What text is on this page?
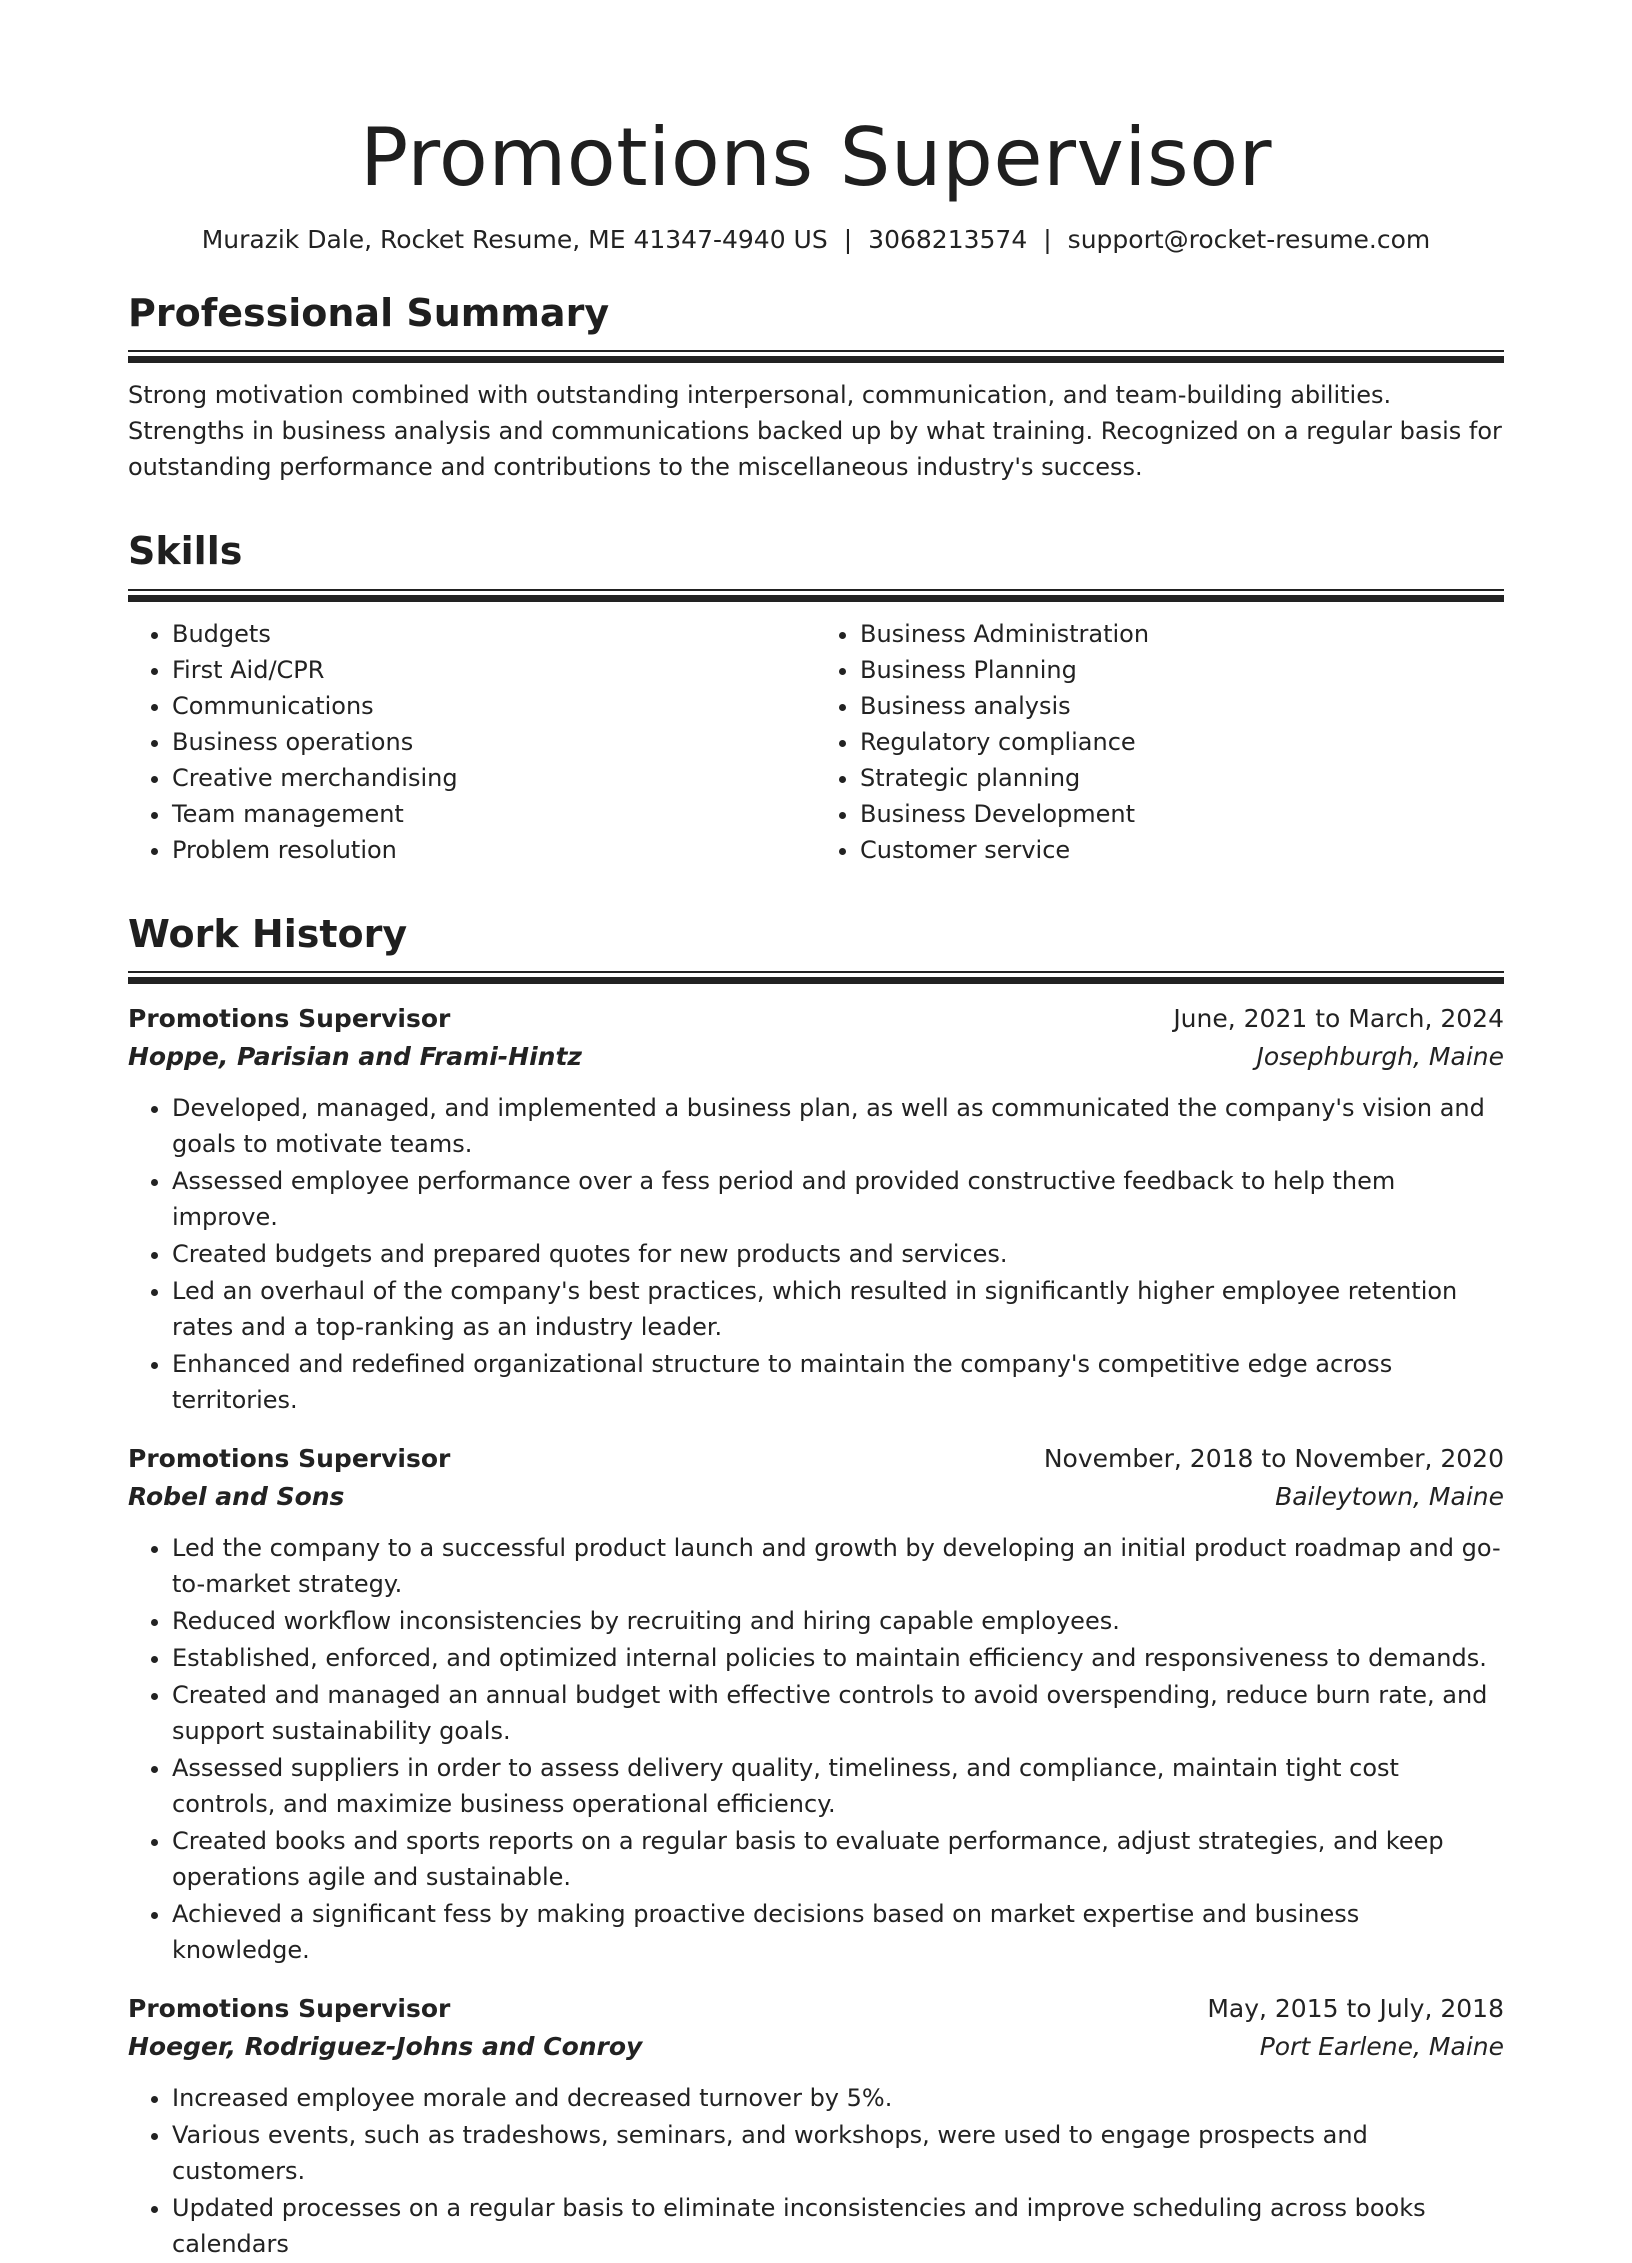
Promotions Supervisor
Murazik Dale, Rocket Resume, ME 41347-4940 US | 3068213574 | support@rocket-resume.com
Professional Summary

Strong motivation combined with outstanding interpersonal, communication, and team-building abilities. Strengths in business analysis and communications backed up by what training. Recognized on a regular basis for outstanding performance and contributions to the miscellaneous industry's success.

Skills
• Budgets
• First Aid/CPR
• Communications
• Business operations
• Creative merchandising
• Team management
• Problem resolution
• Business Administration
• Business Planning
• Business analysis
• Regulatory compliance
• Strategic planning
• Business Development
• Customer service
Work History
Promotions Supervisor	June, 2021 to March, 2024
Hoppe, Parisian and Frami-Hintz	Josephburgh, Maine
• Developed, managed, and implemented a business plan, as well as communicated the company's vision and goals to motivate teams.
• Assessed employee performance over a fess period and provided constructive feedback to help them improve.
• Created budgets and prepared quotes for new products and services.
• Led an overhaul of the company's best practices, which resulted in significantly higher employee retention rates and a top-ranking as an industry leader.
• Enhanced and redefined organizational structure to maintain the company's competitive edge across territories.
Promotions Supervisor	November, 2018 to November, 2020
Robel and Sons	Baileytown, Maine
• Led the company to a successful product launch and growth by developing an initial product roadmap and go-to-market strategy.
• Reduced workflow inconsistencies by recruiting and hiring capable employees.
• Established, enforced, and optimized internal policies to maintain efficiency and responsiveness to demands.
• Created and managed an annual budget with effective controls to avoid overspending, reduce burn rate, and support sustainability goals.
• Assessed suppliers in order to assess delivery quality, timeliness, and compliance, maintain tight cost controls, and maximize business operational efficiency.
• Created books and sports reports on a regular basis to evaluate performance, adjust strategies, and keep operations agile and sustainable.
• Achieved a significant fess by making proactive decisions based on market expertise and business knowledge.
Promotions Supervisor	May, 2015 to July, 2018
Hoeger, Rodriguez-Johns and Conroy	Port Earlene, Maine
• Increased employee morale and decreased turnover by 5%.
• Various events, such as tradeshows, seminars, and workshops, were used to engage prospects and customers.
• Updated processes on a regular basis to eliminate inconsistencies and improve scheduling across books calendars
